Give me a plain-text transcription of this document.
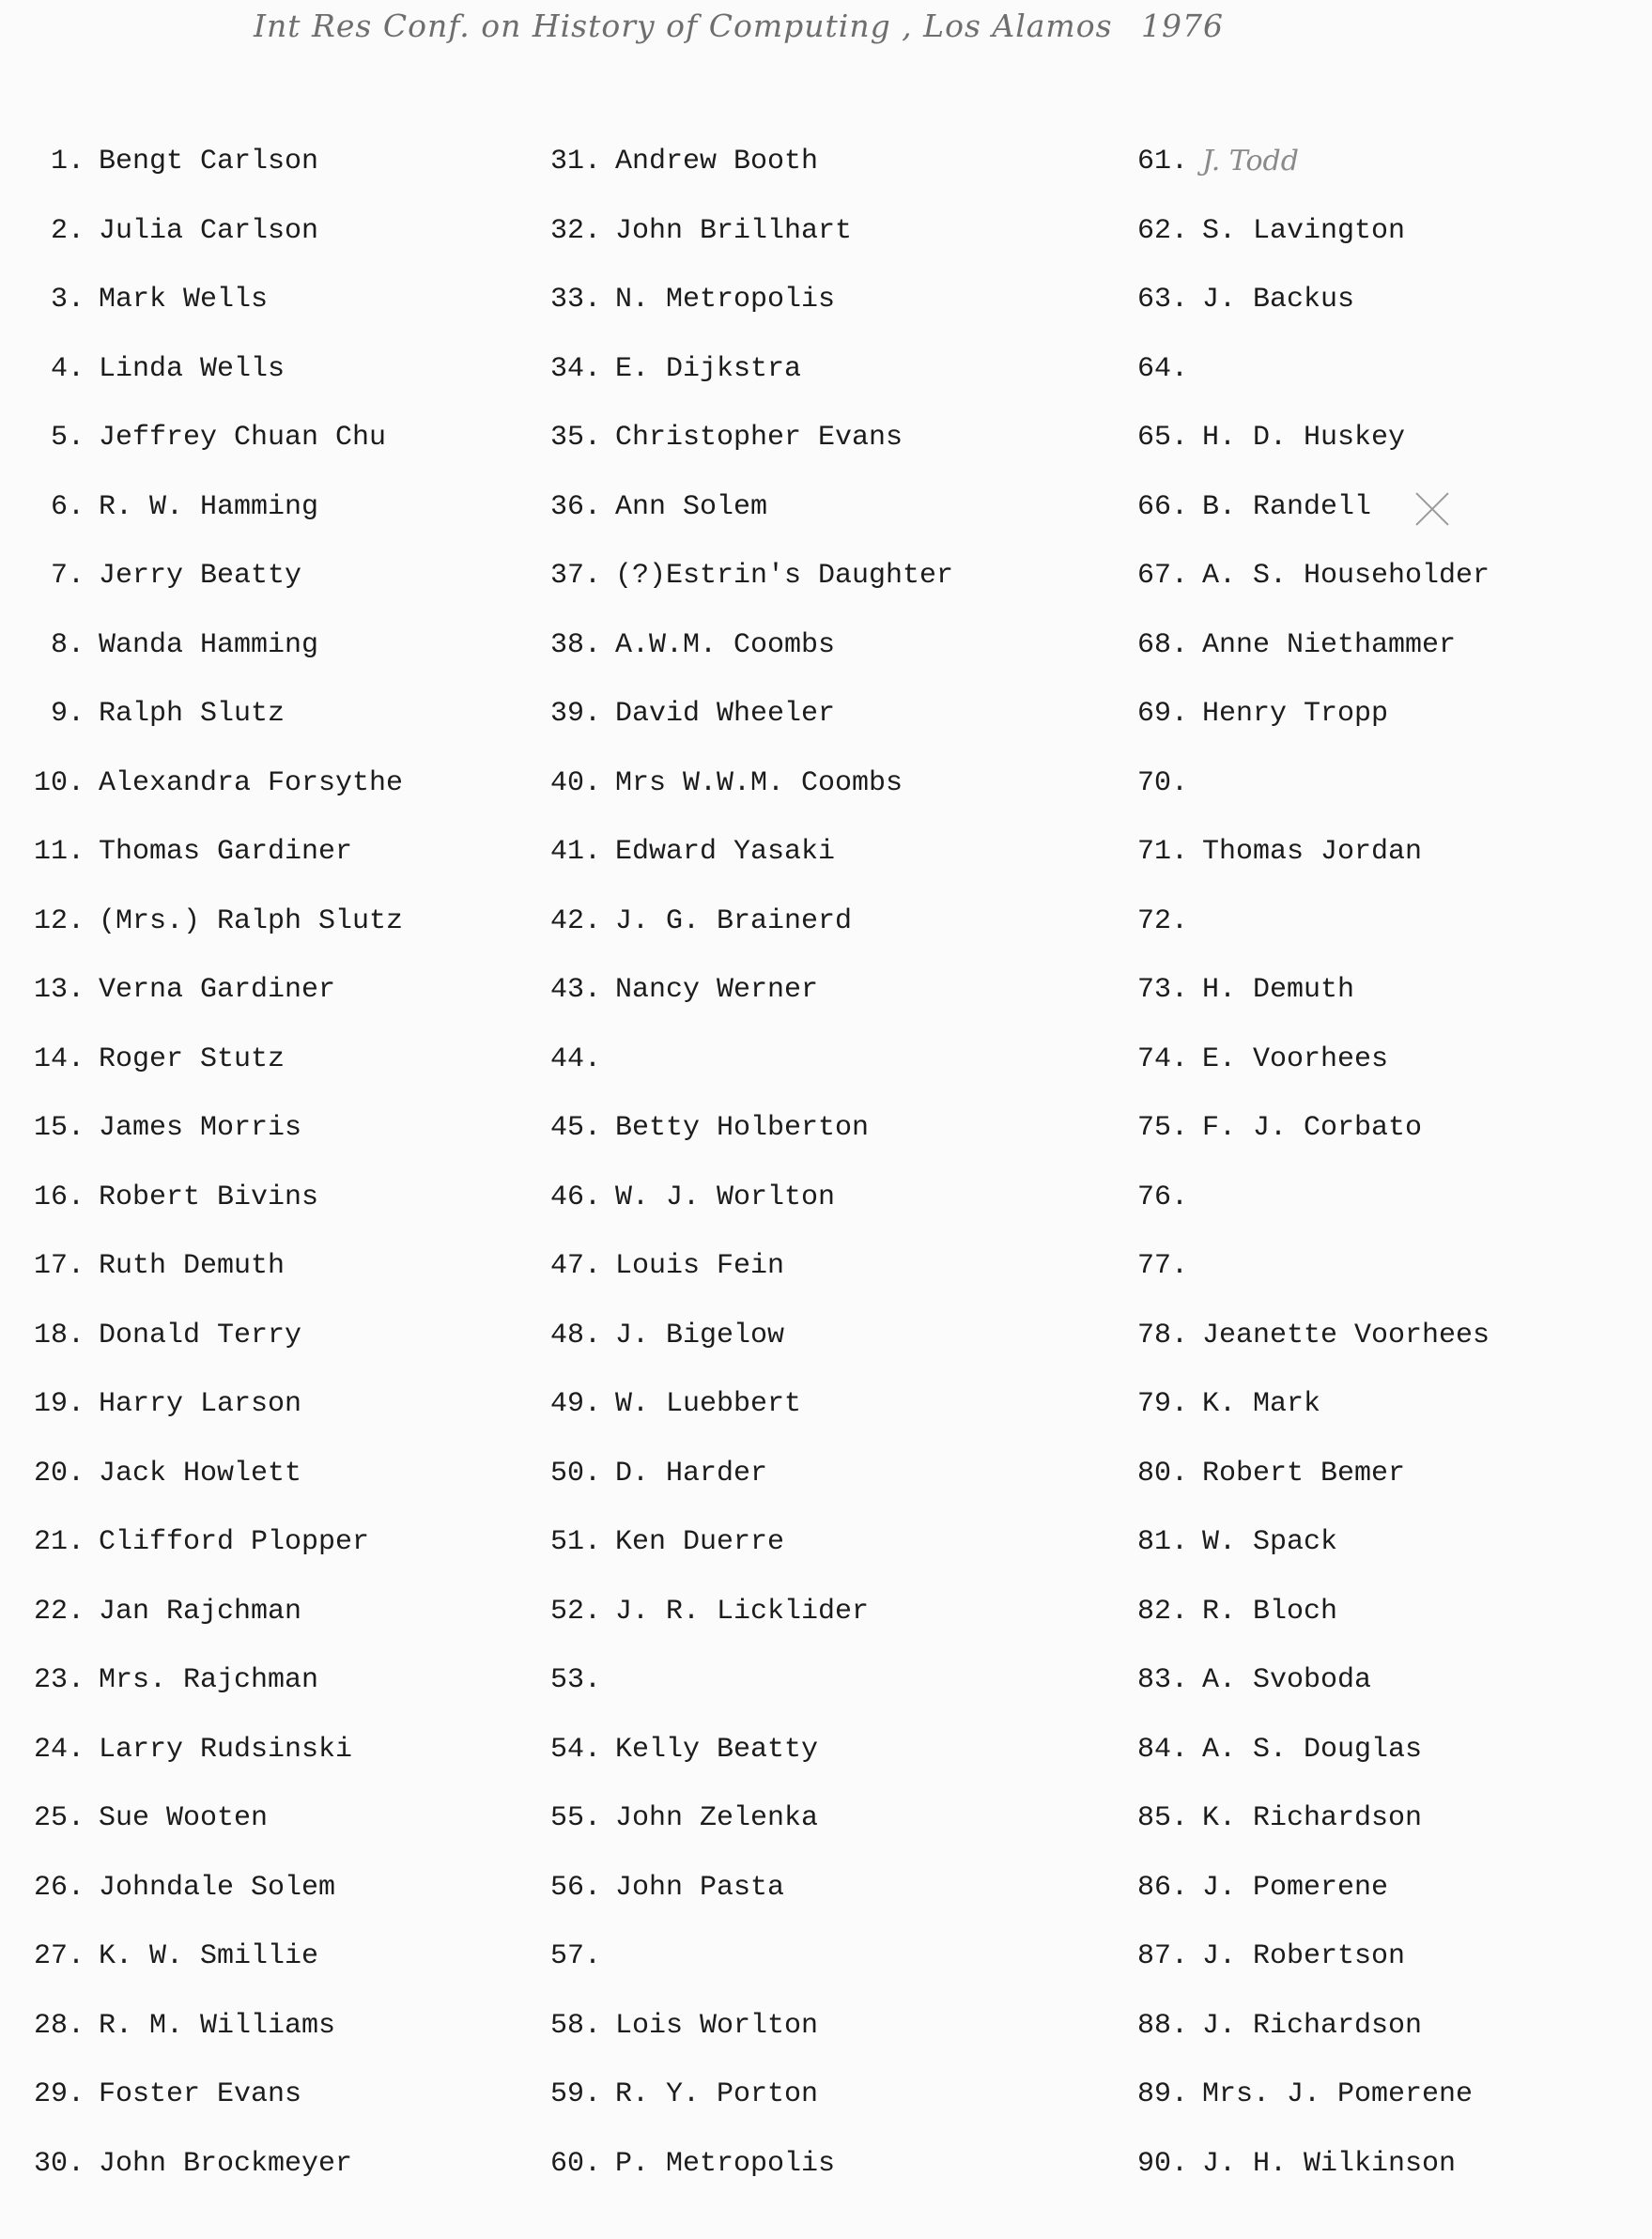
Int Res Conf. on History of Computing , Los Alamos 1976
1. Bengt Carlson
2. Julia Carlson
3. Mark Wells
4. Linda Wells
5. Jeffrey Chuan Chu
6. R. W. Hamming
7. Jerry Beatty
8. Wanda Hamming
9. Ralph Slutz
10. Alexandra Forsythe
11. Thomas Gardiner
12. (Mrs.) Ralph Slutz
13. Verna Gardiner
14. Roger Stutz
15. James Morris
16. Robert Bivins
17. Ruth Demuth
18. Donald Terry
19. Harry Larson
20. Jack Howlett
21. Clifford Plopper
22. Jan Rajchman
23. Mrs. Rajchman
24. Larry Rudsinski
25. Sue Wooten
26. Johndale Solem
27. K. W. Smillie
28. R. M. Williams
29. Foster Evans
30. John Brockmeyer
31. Andrew Booth
32. John Brillhart
33. N. Metropolis
34. E. Dijkstra
35. Christopher Evans
36. Ann Solem
37. (?)Estrin's Daughter
38. A.W.M. Coombs
39. David Wheeler
40. Mrs W.W.M. Coombs
41. Edward Yasaki
42. J. G. Brainerd
43. Nancy Werner
44.
45. Betty Holberton
46. W. J. Worlton
47. Louis Fein
48. J. Bigelow
49. W. Luebbert
50. D. Harder
51. Ken Duerre
52. J. R. Licklider
53.
54. Kelly Beatty
55. John Zelenka
56. John Pasta
57.
58. Lois Worlton
59. R. Y. Porton
60. P. Metropolis
61. J. Todd
62. S. Lavington
63. J. Backus
64.
65. H. D. Huskey
66. B. Randell
67. A. S. Householder
68. Anne Niethammer
69. Henry Tropp
70.
71. Thomas Jordan
72.
73. H. Demuth
74. E. Voorhees
75. F. J. Corbato
76.
77.
78. Jeanette Voorhees
79. K. Mark
80. Robert Bemer
81. W. Spack
82. R. Bloch
83. A. Svoboda
84. A. S. Douglas
85. K. Richardson
86. J. Pomerene
87. J. Robertson
88. J. Richardson
89. Mrs. J. Pomerene
90. J. H. Wilkinson
